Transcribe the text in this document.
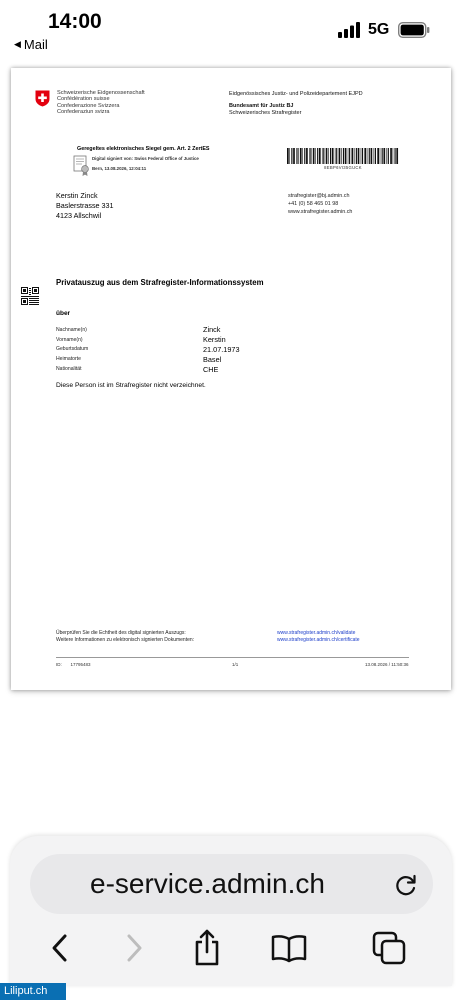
14:00
◀ Mail
5G
Schweizerische Eidgenossenschaft
Confédération suisse
Confederazione Svizzera
Confederaziun svizra
Eidgenössisches Justiz- und Polizeidepartement EJPD
Bundesamt für Justiz BJ
Schweizerisches Strafregister
Geregeltes elektronisches Siegel gem. Art. 2 ZertES
Digital signiert von: Swiss Federal Office of Justice
Bern, 13.08.2026, 12:04:11	8EBP6VI35GUCK
Kerstin Zinck
Baslerstrasse 331
4123 Allschwil
strafregister@bj.admin.ch
+41 (0) 58 465 01 98
www.strafregister.admin.ch
Privatauszug aus dem Strafregister-Informationssystem
über
Nachname(n)	Zinck
Vorname(n)	Kerstin
Geburtsdatum	21.07.1973
Heimatorte	Basel
Nationalität	CHE
Diese Person ist im Strafregister nicht verzeichnet.
Überprüfen Sie die Echtheit des digital signierten Auszugs:
Weitere Informationen zu elektronisch signierten Dokumenten:
www.strafregister.admin.ch/validate
www.strafregister.admin.ch/certificate
ID: 17795483	1/1	13.08.2026 / 11:50:36
e-service.admin.ch
Liliput.ch
